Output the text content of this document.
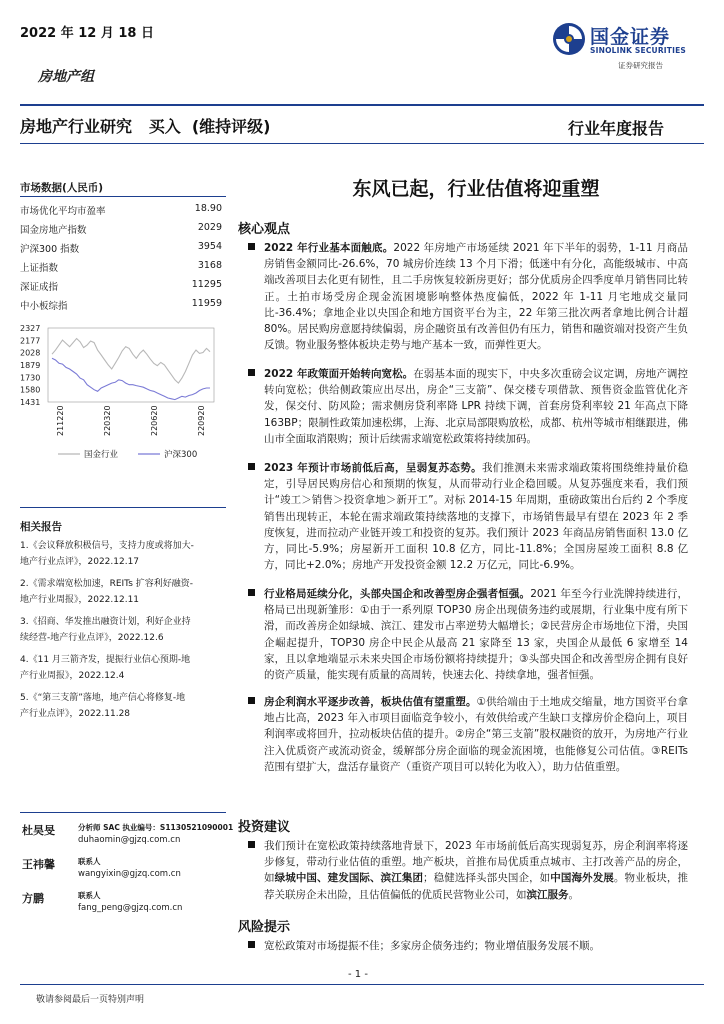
2022 年 12 月 18 日	国金证券
SINOLINK SECURITIES
证券研究报告
房地产组
房地产行业研究   买入  (维持评级)	行业年度报告
市场数据(人民币)
市场优化平均市盈率	18.90
国金房地产指数	2029
沪深300 指数	3954
上证指数	3168
深证成指	11295
中小板综指	11959
2327
2177
2028
1879
1730
1580
1431
211220	220320	220620	220920
国金行业	沪深300
相关报告
1.《会议释放积极信号，支持力度或将加大-
地产行业点评》，2022.12.17
2.《需求端宽松加速，REITs 扩容利好融资-
地产行业周报》，2022.12.11
3.《招商、华发推出融资计划，利好企业持
续经营-地产行业点评》，2022.12.6
4.《11 月三箭齐发，提振行业信心预期-地
产行业周报》，2022.12.4
5.《“第三支箭”落地，地产信心将修复-地
产行业点评》，2022.11.28
杜昊旻	分析师 SAC 执业编号：S1130521090001
duhaomin@gjzq.com.cn
王祎馨	联系人
wangyixin@gjzq.com.cn
方鹏	联系人
fang_peng@gjzq.com.cn
东风已起，行业估值将迎重塑
核心观点
2022 年行业基本面触底。2022 年房地产市场延续 2021 年下半年的弱势，1-11 月商品房销售金额同比-26.6%，70 城房价连续 13 个月下滑；低迷中有分化，高能级城市、中高端改善项目去化更有韧性，且二手房恢复较新房更好；部分优质房企四季度单月销售同比转正。土拍市场受房企现金流困境影响整体热度偏低，2022 年 1-11 月宅地成交量同比-36.4%；拿地企业以央国企和地方国资平台为主，22 年第三批次两者拿地比例合计超 80%。居民购房意愿持续偏弱，房企融资虽有改善但仍有压力，销售和融资端对投资产生负反馈。物业服务整体板块走势与地产基本一致，而弹性更大。
2022 年政策面开始转向宽松。在弱基本面的现实下，中央多次重磅会议定调，房地产调控转向宽松；供给侧政策应出尽出，房企“三支箭”、保交楼专项借款、预售资金监管优化齐发，保交付、防风险；需求侧房贷利率降 LPR 持续下调，首套房贷利率较 21 年高点下降 163BP；限制性政策加速松绑，上海、北京局部限购放松，成都、杭州等城市相继跟进，佛山市全面取消限购；预计后续需求端宽松政策将持续加码。
2023 年预计市场前低后高，呈弱复苏态势。我们推测未来需求端政策将围绕维持量价稳定，引导居民购房信心和预期的恢复，从而带动行业企稳回暖。从复苏强度来看，我们预计“竣工＞销售＞投资拿地＞新开工”。对标 2014-15 年周期，重磅政策出台后约 2 个季度销售出现转正，本轮在需求端政策持续落地的支撑下，市场销售最早有望在 2023 年 2 季度恢复，进而拉动产业链开竣工和投资的复苏。我们预计 2023 年商品房销售面积 13.0 亿方，同比-5.9%；房屋新开工面积 10.8 亿方，同比-11.8%；全国房屋竣工面积 8.8 亿方，同比+2.0%；房地产开发投资金额 12.2 万亿元，同比-6.9%。
行业格局延续分化，头部央国企和改善型房企强者恒强。2021 年至今行业洗牌持续进行，格局已出现新雏形：①由于一系列原 TOP30 房企出现债务违约或展期，行业集中度有所下滑，而改善房企如绿城、滨江、建发市占率逆势大幅增长；②民营房企市场地位下滑，央国企崛起提升，TOP30 房企中民企从最高 21 家降至 13 家，央国企从最低 6 家增至 14 家，且以拿地端显示未来央国企市场份额将持续提升；③头部央国企和改善型房企拥有良好的资产质量，能实现有质量的高周转，快速去化、持续拿地，强者恒强。
房企利润水平逐步改善，板块估值有望重塑。①供给端由于土地成交缩量，地方国资平台拿地占比高，2023 年入市项目面临竞争较小，有效供给或产生缺口支撑房价企稳向上，项目利润率或将回升，拉动板块估值的提升。②房企“第三支箭”股权融资的放开，为房地产行业注入优质资产或流动资金，缓解部分房企面临的现金流困境，也能修复公司估值。③REITs 范围有望扩大，盘活存量资产（重资产项目可以转化为收入），助力估值重塑。
投资建议
我们预计在宽松政策持续落地背景下，2023 年市场前低后高实现弱复苏，房企利润率将逐步修复，带动行业估值的重塑。地产板块，首推布局优质重点城市、主打改善产品的房企，如绿城中国、建发国际、滨江集团；稳健选择头部央国企，如中国海外发展。物业板块，推荐关联房企未出险，且估值偏低的优质民营物业公司，如滨江服务。
风险提示
宽松政策对市场提振不佳；多家房企债务违约；物业增值服务发展不顺。
- 1 -
敬请参阅最后一页特别声明
